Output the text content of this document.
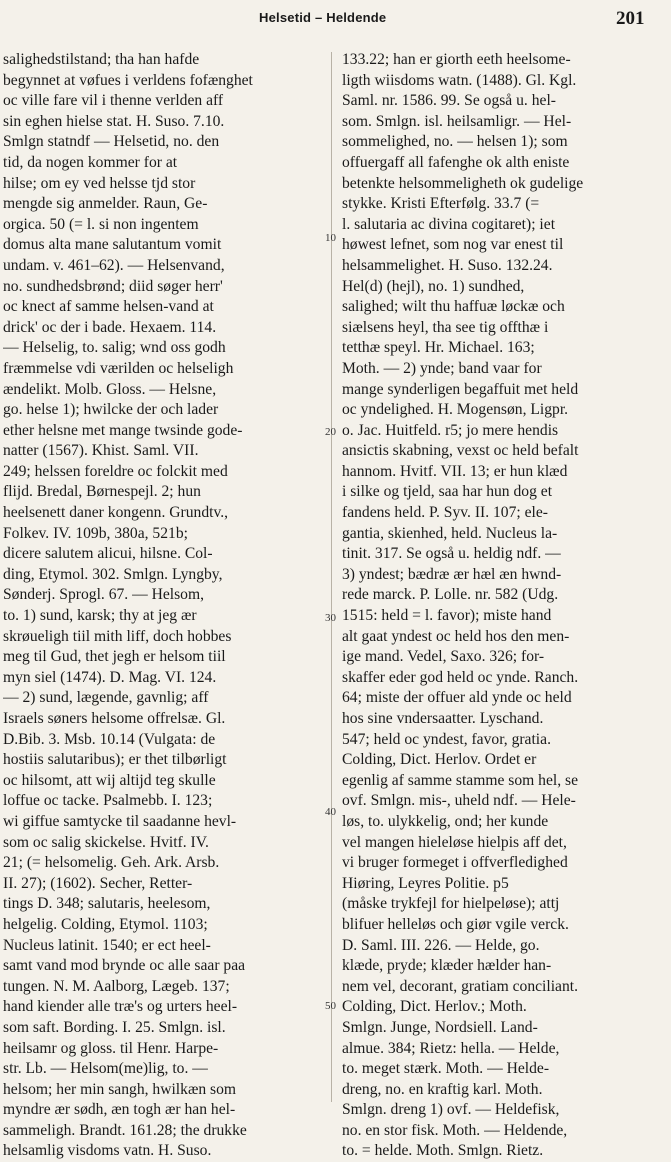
Helsetid – Heldende	201
10
20
30
40
50
salighedstilstand; tha han hafde
begynnet at vøfues i verldens fofænghet
oc ville fare vil i thenne verlden aff
sin eghen hielse stat. H. Suso. 7.10.
Smlgn statndf — Helsetid, no. den
tid, da nogen kommer for at
hilse; om ey ved helsse tjd stor
mengde sig anmelder. Raun, Ge-
orgica. 50 (= l. si non ingentem
domus alta mane salutantum vomit
undam. v. 461–62). — Helsenvand,
no. sundhedsbrønd; diid søger herr'
oc knect af samme helsen-vand at
drick' oc der i bade. Hexaem. 114.
— Helselig, to. salig; wnd oss godh
fræmmelse vdi værilden oc helseligh
ændelikt. Molb. Gloss. — Helsne,
go. helse 1); hwilcke der och lader
ether helsne met mange twsinde gode-
natter (1567). Khist. Saml. VII.
249; helssen foreldre oc folckit med
flijd. Bredal, Børnespejl. 2; hun
heelsenett daner kongenn. Grundtv.,
Folkev. IV. 109b, 380a, 521b;
dicere salutem alicui, hilsne. Col-
ding, Etymol. 302. Smlgn. Lyngby,
Sønderj. Sprogl. 67. — Helsom,
to. 1) sund, karsk; thy at jeg ær
skrøueligh tiil mith liff, doch hobbes
meg til Gud, thet jegh er helsom tiil
myn siel (1474). D. Mag. VI. 124.
— 2) sund, lægende, gavnlig; aff
Israels søners helsome offrelsæ. Gl.
D.Bib. 3. Msb. 10.14 (Vulgata: de
hostiis salutaribus); er thet tilbørligt
oc hilsomt, att wij altijd teg skulle
loffue oc tacke. Psalmebb. I. 123;
wi giffue samtycke til saadanne hevl-
som oc salig skickelse. Hvitf. IV.
21; (= helsomelig. Geh. Ark. Arsb.
II. 27); (1602). Secher, Retter-
tings D. 348; salutaris, heelesom,
helgelig. Colding, Etymol. 1103;
Nucleus latinit. 1540; er ect heel-
samt vand mod brynde oc alle saar paa
tungen. N. M. Aalborg, Lægeb. 137;
hand kiender alle træ's og urters heel-
som saft. Bording. I. 25. Smlgn. isl.
heilsamr og gloss. til Henr. Harpe-
str. Lb. — Helsom(me)lig, to. —
helsom; her min sangh, hwilkæn som
myndre ær sødh, æn togh ær han hel-
sammeligh. Brandt. 161.28; the drukke
helsamlig visdoms vatn. H. Suso.
133.22; han er giorth eeth heelsome-
ligth wiisdoms watn. (1488). Gl. Kgl.
Saml. nr. 1586. 99. Se også u. hel-
som. Smlgn. isl. heilsamligr. — Hel-
sommelighed, no. — helsen 1); som
offuergaff all fafenghe ok alth eniste
betenkte helsommeligheth ok gudelige
stykke. Kristi Efterfølg. 33.7 (=
l. salutaria ac divina cogitaret); iet
høwest lefnet, som nog var enest til
helsammelighet. H. Suso. 132.24.
Hel(d) (hejl), no. 1) sundhed,
salighed; wilt thu haffuæ løckæ och
siælsens heyl, tha see tig offthæ i
tetthæ speyl. Hr. Michael. 163;
Moth. — 2) ynde; band vaar for
mange synderligen begaffuit met held
oc yndelighed. H. Mogensøn, Ligpr.
o. Jac. Huitfeld. r5; jo mere hendis
ansictis skabning, vexst oc held befalt
hannom. Hvitf. VII. 13; er hun klæd
i silke og tjeld, saa har hun dog et
fandens held. P. Syv. II. 107; ele-
gantia, skienhed, held. Nucleus la-
tinit. 317. Se også u. heldig ndf. —
3) yndest; bædræ ær hæl æn hwnd-
rede marck. P. Lolle. nr. 582 (Udg.
1515: held = l. favor); miste hand
alt gaat yndest oc held hos den men-
ige mand. Vedel, Saxo. 326; for-
skaffer eder god held oc ynde. Ranch.
64; miste der offuer ald ynde oc held
hos sine vndersaatter. Lyschand.
547; held oc yndest, favor, gratia.
Colding, Dict. Herlov. Ordet er
egenlig af samme stamme som hel, se
ovf. Smlgn. mis-, uheld ndf. — Hele-
løs, to. ulykkelig, ond; her kunde
vel mangen hieleløse hielpis aff det,
vi bruger formeget i offverfledighed
Hiøring, Leyres Politie. p5
(måske trykfejl for hielpeløse); attj
blifuer helleløs och giør vgile verck.
D. Saml. III. 226. — Helde, go.
klæde, pryde; klæder hælder han-
nem vel, decorant, gratiam conciliant.
Colding, Dict. Herlov.; Moth.
Smlgn. Junge, Nordsiell. Land-
almue. 384; Rietz: hella. — Helde,
to. meget stærk. Moth. — Helde-
dreng, no. en kraftig karl. Moth.
Smlgn. dreng 1) ovf. — Heldefisk,
no. en stor fisk. Moth. — Heldende,
to. = helde. Moth. Smlgn. Rietz.
